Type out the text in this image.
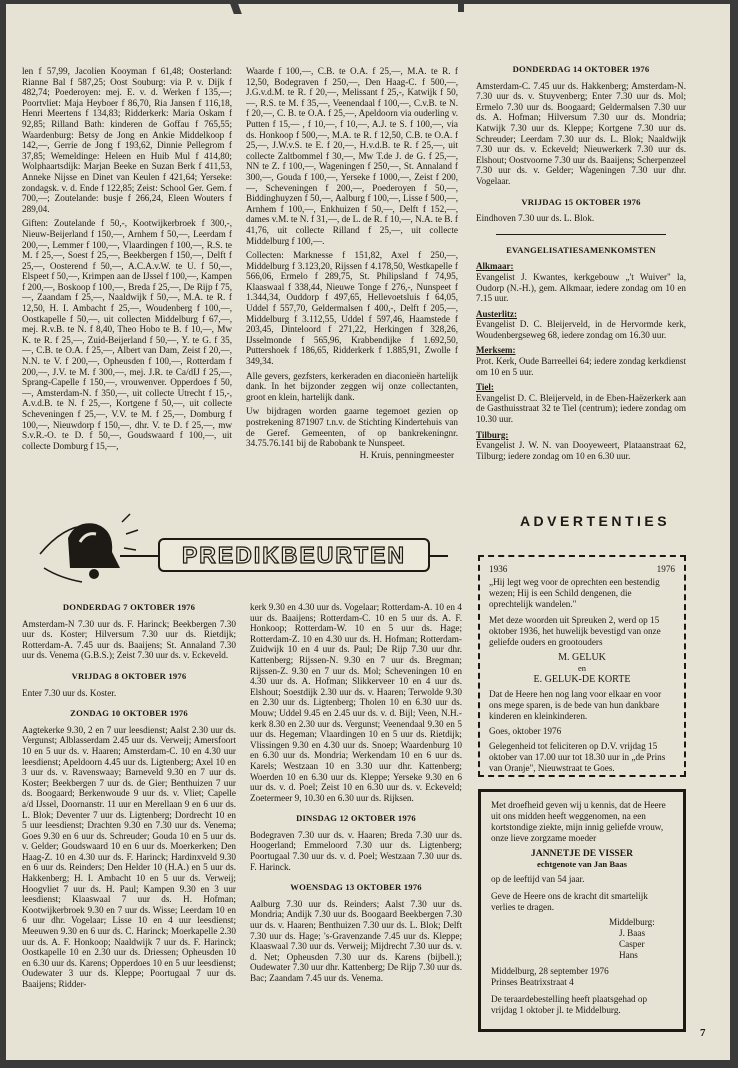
len f 57,99, Jacolien Kooyman f 61,48; Oosterland: Rianne Bal f 587,25; Oost Souburg: via P. v. Dijk f 482,74; Poederoyen: mej. E. v. d. Werken f 135,—; Poortvliet: Maja Heyboer f 86,70, Ria Jansen f 116,18, Henri Meertens f 134,83; Ridderkerk: Maria Oskam f 92,85; Rilland Bath: kinderen de Goffau f 765,55; Waardenburg: Betsy de Jong en Ankie Middelkoop f 142,—, Gerrie de Jong f 193,62, Dinnie Pellegrom f 37,85; Wemeldinge: Heleen en Huib Mul f 414,80; Wolphaartsdijk: Marjan Beeke en Suzan Berk f 411,53, Anneke Nijsse en Dinet van Keulen f 421,64; Yerseke: zondagsk. v. d. Ende f 122,85; Zeist: School Ger. Gem. f 700,—; Zoutelande: busje f 266,24, Eleen Wouters f 289,04.

Giften: Zoutelande f 50,-, Kootwijkerbroek f 300,-, Nieuw-Beijerland f 150,—, Arnhem f 50,—, Leerdam f 200,—, Lemmer f 100,—, Vlaardingen f 100,—, R.S. te M. f 25,—, Soest f 25,—, Beekbergen f 150,—, Delft f 25,—, Oosterend f 50,—, A.C.A.v.W. te U. f 50,—, Elspeet f 50,—, Krimpen aan de IJssel f 100,—, Kampen f 200,—, Boskoop f 100,—, Breda f 25,—, De Rijp f 75,—, Zaandam f 25,—, Naaldwijk f 50,—, M.A. te R. f 12,50, H. I. Ambacht f 25,—, Woudenberg f 100,—, Oostkapelle f 50,—, uit collecten Middelburg f 67,—, mej. R.v.B. te N. f 8,40, Theo Hobo te B. f 10,—, Mw K. te R. f 25,—, Zuid-Beijerland f 50,—, Y. te G. f 35,—, C.B. te O.A. f 25,—, Albert van Dam, Zeist f 20,—, N.N. te V. f 200,—, Opheusden f 100,—, Rotterdam f 200,—, J.V. te M. f 300,—, mej. J.R. te Ca/dIJ f 25,—, Sprang-Capelle f 150,—, vrouwenver. Opperdoes f 50,—, Amsterdam-N. f 350,—, uit collecte Utrecht f 15,-, A.v.d.B. te N. f 25,—, Kortgene f 50,—, uit collecte Scheveningen f 25,—, V.V. te M. f 25,—, Domburg f 100,—, Nieuwdorp f 150,—, dhr. V. te D. f 25,—, mw S.v.R.-O. te D. f 50,—, Goudswaard f 100,—, uit collecte Domburg f 15,—,

Waarde f 100,—, C.B. te O.A. f 25,—, M.A. te R. f 12,50, Bodegraven f 250,—, Den Haag-C. f 500,—, J.G.v.d.M. te R. f 20,—, Melissant f 25,-, Katwijk f 50,—, R.S. te M. f 35,—, Veenendaal f 100,—, C.v.B. te N. f 20,—, C. B. te O.A. f 25,—, Apeldoorn via ouderling v. Putten f 15,— , f 10,—, f 10,—, A.J. te S. f 100,—, via ds. Honkoop f 500,—, M.A. te R. f 12,50, C.B. te O.A. f 25,—, J.W.v.S. te E. f 20,—, H.v.d.B. te R. f 25,—, uit collecte Zaltbommel f 30,—, Mw T.de J. de G. f 25,—, NN te Z. f 100,—, Wageningen f 250,—, St. Annaland f 300,—, Gouda f 100,—, Yerseke f 1000,—, Zeist f 200,—, Scheveningen f 200,—, Poederoyen f 50,—, Biddinghuyzen f 50,—, Aalburg f 100,—, Lisse f 500,—, Arnhem f 100,—, Enkhuizen f 50,—, Delft f 152,—, dames v.M. te N. f 31,—, de L. de R. f 10,—, N.A. te B. f 41,76, uit collecte Rilland f 25,—, uit collecte Middelburg f 100,—.

Collecten: Marknesse f 151,82, Axel f 250,—, Middelburg f 3.123,20, Rijssen f 4.178,50, Westkapelle f 566,06, Ermelo f 289,75, St. Philipsland f 74,95, Klaaswaal f 338,44, Nieuwe Tonge f 276,-, Nunspeet f 1.344,34, Ouddorp f 497,65, Hellevoetsluis f 64,05, Uddel f 557,70, Geldermalsen f 400,-, Delft f 205,—, Middelburg f 3.112,55, Uddel f 597,46, Haamstede f 203,45, Dinteloord f 271,22, Herkingen f 328,26, IJsselmonde f 565,96, Krabbendijke f 1.692,50, Puttershoek f 186,65, Ridderkerk f 1.885,91, Zwolle f 349,34.

Alle gevers, gezfsters, kerkeraden en diaconieën hartelijk dank. In het bijzonder zeggen wij onze collectanten, groot en klein, hartelijk dank.

Uw bijdragen worden gaarne tegemoet gezien op postrekening 871907 t.n.v. de Stichting Kindertehuis van de Geref. Gemeenten, of op bankrekeningnr. 34.75.76.141 bij de Rabobank te Nunspeet.

H. Kruis, penningmeester
DONDERDAG 14 OKTOBER 1976

Amsterdam-C. 7.45 uur ds. Hakkenberg; Amsterdam-N. 7.30 uur ds. v. Stuyvenberg; Enter 7.30 uur ds. Mol; Ermelo 7.30 uur ds. Boogaard; Geldermalsen 7.30 uur ds. A. Hofman; Hilversum 7.30 uur ds. Mondria; Katwijk 7.30 uur ds. Kleppe; Kortgene 7.30 uur ds. Schreuder; Leerdam 7.30 uur ds. L. Blok; Naaldwijk 7.30 uur ds. v. Eckeveld; Nieuwerkerk 7.30 uur ds. Elshout; Oostvoorne 7.30 uur ds. Baaijens; Scherpenzeel 7.30 uur ds. v. Gelder; Wageningen 7.30 uur dhr. Vogelaar.

VRIJDAG 15 OKTOBER 1976

Eindhoven 7.30 uur ds. L. Blok.

EVANGELISATIESAMENKOMSTEN
Alkmaar:

Evangelist J. Kwantes, kerkgebouw „'t Wuiver" la, Oudorp (N.-H.), gem. Alkmaar, iedere zondag om 10 en 7.15 uur.

Austerlitz:

Evangelist D. C. Bleijerveld, in de Hervormde kerk, Woudenbergseweg 68, iedere zondag om 16.30 uur.

Merksem:

Prot. Kerk, Oude Barreellei 64; iedere zondag kerkdienst om 10 en 5 uur.

Tiel:

Evangelist D. C. Bleijerveld, in de Eben-Haëzerkerk aan de Gasthuisstraat 32 te Tiel (centrum); iedere zondag om 10.30 uur.

Tilburg:

Evangelist J. W. N. van Dooyeweert, Plataanstraat 62, Tilburg; iedere zondag om 10 en 6.30 uur.

PREDIKBEURTEN
DONDERDAG 7 OKTOBER 1976

Amsterdam-N 7.30 uur ds. F. Harinck; Beekbergen 7.30 uur ds. Koster; Hilversum 7.30 uur ds. Rietdijk; Rotterdam-A. 7.45 uur ds. Baaijens; St. Annaland 7.30 uur ds. Venema (G.B.S.); Zeist 7.30 uur ds. v. Eckeveld.

VRIJDAG 8 OKTOBER 1976

Enter 7.30 uur ds. Koster.

ZONDAG 10 OKTOBER 1976

Aagtekerke 9.30, 2 en 7 uur leesdienst; Aalst 2.30 uur ds. Vergunst; Alblasserdam 2.45 uur ds. Verweij; Amersfoort 10 en 5 uur ds. v. Haaren; Amsterdam-C. 10 en 4.30 uur leesdienst; Apeldoorn 4.45 uur ds. Ligtenberg; Axel 10 en 3 uur ds. v. Ravenswaay; Barneveld 9.30 en 7 uur ds. Koster; Beekbergen 7 uur ds. de Gier; Benthuizen 7 uur ds. Boogaard; Berkenwoude 9 uur ds. v. Vliet; Capelle a/d IJssel, Doornanstr. 11 uur en Merellaan 9 en 6 uur ds. L. Blok; Deventer 7 uur ds. Ligtenberg; Dordrecht 10 en 5 uur leesdienst; Drachten 9.30 en 7.30 uur ds. Venema; Goes 9.30 en 6 uur ds. Schreuder; Gouda 10 en 5 uur ds. v. Gelder; Goudswaard 10 en 6 uur ds. Moerkerken; Den Haag-Z. 10 en 4.30 uur ds. F. Harinck; Hardinxveld 9.30 en 6 uur ds. Reinders; Den Helder 10 (H.A.) en 5 uur ds. Hakkenberg; H. I. Ambacht 10 en 5 uur ds. Verweij; Hoogvliet 7 uur ds. H. Paul; Kampen 9.30 en 3 uur leesdienst; Klaaswaal 7 uur ds. H. Hofman; Kootwijkerbroek 9.30 en 7 uur ds. Wisse; Leerdam 10 en 6 uur dhr. Vogelaar; Lisse 10 en 4 uur leesdienst; Meeuwen 9.30 en 6 uur ds. C. Harinck; Moerkapelle 2.30 uur ds. A. F. Honkoop; Naaldwijk 7 uur ds. F. Harinck; Oostkapelle 10 en 2.30 uur ds. Driessen; Opheusden 10 en 6.30 uur ds. Karens; Opperdoes 10 en 5 uur leesdienst; Oudewater 3 uur ds. Kleppe; Poortugaal 7 uur ds. Baaijens; Ridder-

kerk 9.30 en 4.30 uur ds. Vogelaar; Rotterdam-A. 10 en 4 uur ds. Baaijens; Rotterdam-C. 10 en 5 uur ds. A. F. Honkoop; Rotterdam-W. 10 en 5 uur ds. Hage; Rotterdam-Z. 10 en 4.30 uur ds. H. Hofman; Rotterdam-Zuidwijk 10 en 4 uur ds. Paul; De Rijp 7.30 uur dhr. Kattenberg; Rijssen-N. 9.30 en 7 uur ds. Bregman; Rijssen-Z. 9.30 en 7 uur ds. Mol; Scheveningen 10 en 4.30 uur ds. A. Hofman; Slikkerveer 10 en 4 uur ds. Elshout; Soestdijk 2.30 uur ds. v. Haaren; Terwolde 9.30 en 2.30 uur ds. Ligtenberg; Tholen 10 en 6.30 uur ds. Mouw; Uddel 9.45 en 2.45 uur ds. v. d. Bijl; Veen, N.H.-kerk 8.30 en 2.30 uur ds. Vergunst; Veenendaal 9.30 en 5 uur ds. Hegeman; Vlaardingen 10 en 5 uur ds. Rietdijk; Vlissingen 9.30 en 4.30 uur ds. Snoep; Waardenburg 10 en 6.30 uur ds. Mondria; Werkendam 10 en 6 uur ds. Karels; Westzaan 10 en 3.30 uur dhr. Kattenberg; Woerden 10 en 6.30 uur ds. Kleppe; Yerseke 9.30 en 6 uur ds. v. d. Poel; Zeist 10 en 6.30 uur ds. v. Eckeveld; Zoetermeer 9, 10.30 en 6.30 uur ds. Rijksen.

DINSDAG 12 OKTOBER 1976

Bodegraven 7.30 uur ds. v. Haaren; Breda 7.30 uur ds. Hoogerland; Emmeloord 7.30 uur ds. Ligtenberg; Poortugaal 7.30 uur ds. v. d. Poel; Westzaan 7.30 uur ds. F. Harinck.

WOENSDAG 13 OKTOBER 1976

Aalburg 7.30 uur ds. Reinders; Aalst 7.30 uur ds. Mondria; Andijk 7.30 uur ds. Boogaard Beekbergen 7.30 uur ds. v. Haaren; Benthuizen 7.30 uur ds. L. Blok; Delft 7.30 uur ds. Hage; 's-Gravenzande 7.45 uur ds. Kleppe; Klaaswaal 7.30 uur ds. Verweij; Mijdrecht 7.30 uur ds. v. d. Net; Opheusden 7.30 uur ds. Karens (bijbell.); Oudewater 7.30 uur dhr. Kattenberg; De Rijp 7.30 uur ds. Bac; Zaandam 7.45 uur ds. Venema.

ADVERTENTIES
1936	1976
„Hij legt weg voor de oprechten een bestendig wezen; Hij is een Schild dengenen, die oprechtelijk wandelen."
Met deze woorden uit Spreuken 2, werd op 15 oktober 1936, het huwelijk bevestigd van onze geliefde ouders en grootouders
M. GELUK
en
E. GELUK-DE KORTE
Dat de Heere hen nog lang voor elkaar en voor ons mege sparen, is de bede van hun dankbare kinderen en kleinkinderen.
Goes, oktober 1976
Gelegenheid tot feliciteren op D.V. vrijdag 15 oktober van 17.00 uur tot 18.30 uur in „de Prins van Oranje", Nieuwstraat te Goes.
Met droefheid geven wij u kennis, dat de Heere uit ons midden heeft weggenomen, na een kortstondige ziekte, mijn innig geliefde vrouw, onze lieve zorgzame moeder
JANNETJE DE VISSER
echtgenote van Jan Baas
op de leeftijd van 54 jaar.
Geve de Heere ons de kracht dit smartelijk verlies te dragen.
Middelburg:
J. Baas
Casper
Hans
Middelburg, 28 september 1976
Prinses Beatrixstraat 4
De teraardebestelling heeft plaatsgehad op vrijdag 1 oktober jl. te Middelburg.
7
